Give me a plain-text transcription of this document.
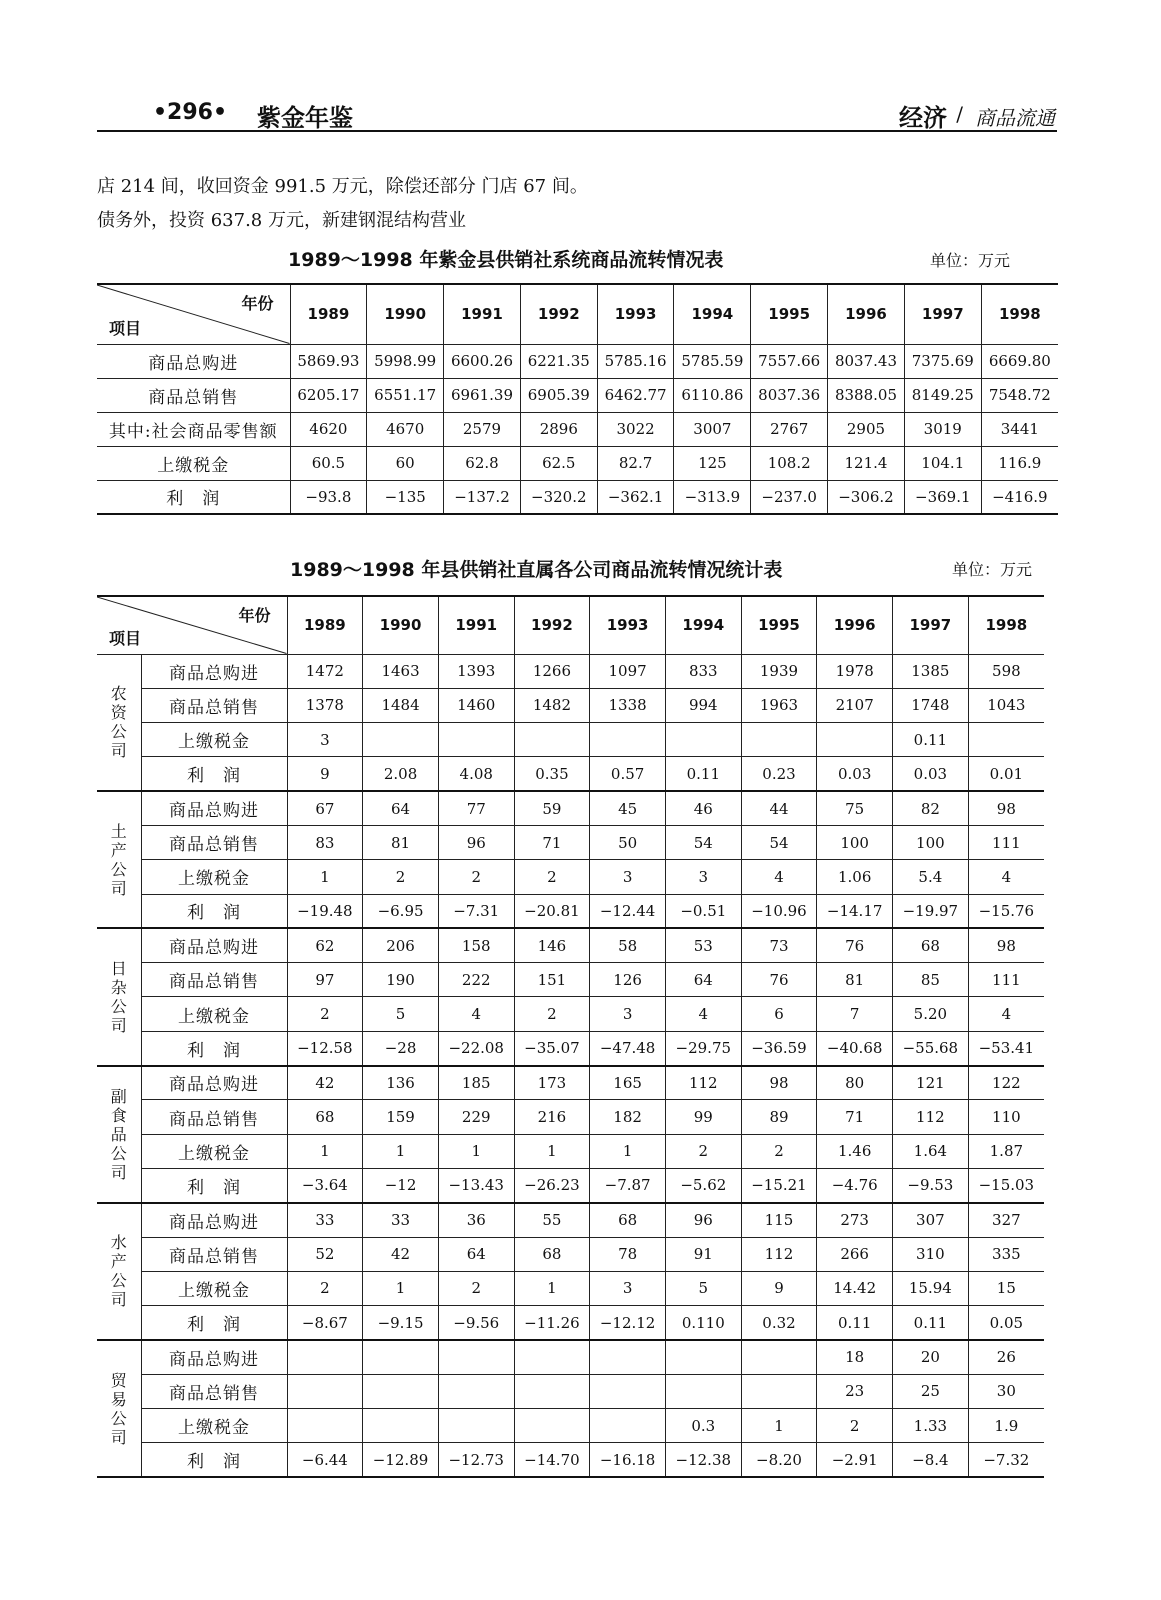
•296• 紫金年鉴	经济 / 商品流通
店 214 间，收回资金 991.5 万元，除偿还部分 门店 67 间。
债务外，投资 637.8 万元，新建钢混结构营业
1989～1998 年紫金县供销社系统商品流转情况表	单位：万元
年份
项目	1989	1990	1991	1992	1993	1994	1995	1996	1997	1998
商品总购进	5869.93	5998.99	6600.26	6221.35	5785.16	5785.59	7557.66	8037.43	7375.69	6669.80
商品总销售	6205.17	6551.17	6961.39	6905.39	6462.77	6110.86	8037.36	8388.05	8149.25	7548.72
其中:社会商品零售额	4620	4670	2579	2896	3022	3007	2767	2905	3019	3441
上缴税金	60.5	60	62.8	62.5	82.7	125	108.2	121.4	104.1	116.9
利　润	−93.8	−135	−137.2	−320.2	−362.1	−313.9	−237.0	−306.2	−369.1	−416.9
1989～1998 年县供销社直属各公司商品流转情况统计表	单位：万元
年份
项目		1989	1990	1991	1992	1993	1994	1995	1996	1997	1998
农资公司	商品总购进	1472	1463	1393	1266	1097	833	1939	1978	1385	598
	商品总销售	1378	1484	1460	1482	1338	994	1963	2107	1748	1043
	上缴税金	3								0.11	
	利　润	9	2.08	4.08	0.35	0.57	0.11	0.23	0.03	0.03	0.01
土产公司	商品总购进	67	64	77	59	45	46	44	75	82	98
	商品总销售	83	81	96	71	50	54	54	100	100	111
	上缴税金	1	2	2	2	3	3	4	1.06	5.4	4
	利　润	−19.48	−6.95	−7.31	−20.81	−12.44	−0.51	−10.96	−14.17	−19.97	−15.76
日杂公司	商品总购进	62	206	158	146	58	53	73	76	68	98
	商品总销售	97	190	222	151	126	64	76	81	85	111
	上缴税金	2	5	4	2	3	4	6	7	5.20	4
	利　润	−12.58	−28	−22.08	−35.07	−47.48	−29.75	−36.59	−40.68	−55.68	−53.41
副食品公司	商品总购进	42	136	185	173	165	112	98	80	121	122
	商品总销售	68	159	229	216	182	99	89	71	112	110
	上缴税金	1	1	1	1	1	2	2	1.46	1.64	1.87
	利　润	−3.64	−12	−13.43	−26.23	−7.87	−5.62	−15.21	−4.76	−9.53	−15.03
水产公司	商品总购进	33	33	36	55	68	96	115	273	307	327
	商品总销售	52	42	64	68	78	91	112	266	310	335
	上缴税金	2	1	2	1	3	5	9	14.42	15.94	15
	利　润	−8.67	−9.15	−9.56	−11.26	−12.12	0.110	0.32	0.11	0.11	0.05
贸易公司	商品总购进								18	20	26
	商品总销售								23	25	30
	上缴税金						0.3	1	2	1.33	1.9
	利　润	−6.44	−12.89	−12.73	−14.70	−16.18	−12.38	−8.20	−2.91	−8.4	−7.32
